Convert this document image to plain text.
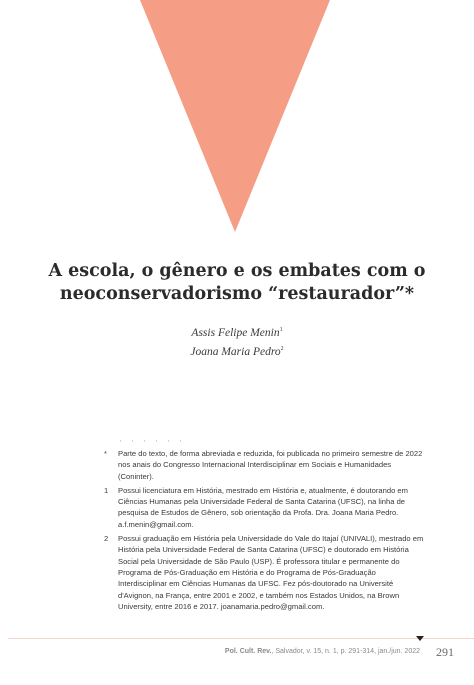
A escola, o gênero e os embates com o
neoconservadorismo “restaurador”*
Assis Felipe Menin$^1$
Joana Maria Pedro$^2$
· · · · · ·
* Parte do texto, de forma abreviada e reduzida, foi publicada no primeiro semestre de 2022 nos anais do Congresso Internacional Interdisciplinar em Sociais e Humanidades (Coninter).
1 Possui licenciatura em História, mestrado em História e, atualmente, é doutorando em Ciências Humanas pela Universidade Federal de Santa Catarina (UFSC), na linha de pesquisa de Estudos de Gênero, sob orientação da Profa. Dra. Joana Maria Pedro. a.f.menin@gmail.com.
2 Possui graduação em História pela Universidade do Vale do Itajaí (UNIVALI), mestrado em História pela Universidade Federal de Santa Catarina (UFSC) e doutorado em História Social pela Universidade de São Paulo (USP). É professora titular e permanente do Programa de Pós-Graduação em História e do Programa de Pós-Graduação Interdisciplinar em Ciências Humanas da UFSC. Fez pós-doutorado na Université d'Avignon, na França, entre 2001 e 2002, e também nos Estados Unidos, na Brown University, entre 2016 e 2017. joanamaria.pedro@gmail.com.
Pol. Cult. Rev., Salvador, v. 15, n. 1, p. 291-314, jan./jun. 2022 291
